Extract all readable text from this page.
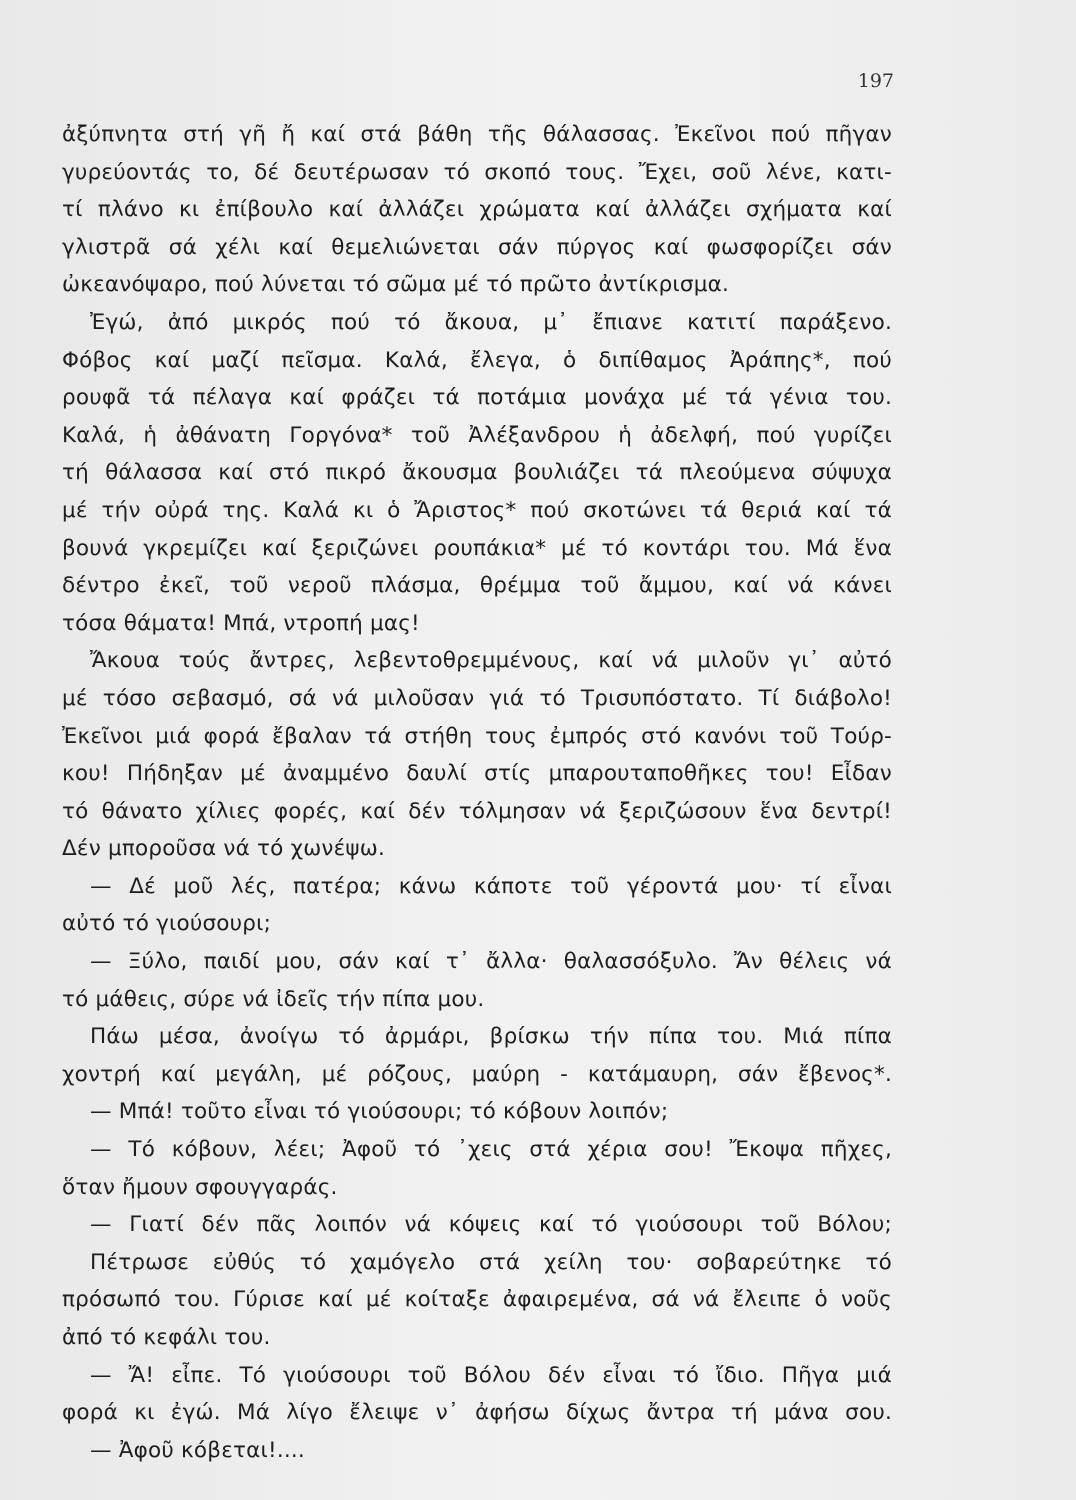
197
ἀξύπνητα στή γῆ ἤ καί στά βάθη τῆς θάλασσας. Ἐκεῖνοι πού πῆγαν
γυρεύοντάς το, δέ δευτέρωσαν τό σκοπό τους. Ἔχει, σοῦ λένε, κατι-
τί πλάνο κι ἐπίβουλο καί ἀλλάζει χρώματα καί ἀλλάζει σχήματα καί
γλιστρᾶ σά χέλι καί θεμελιώνεται σάν πύργος καί φωσφορίζει σάν
ὠκεανόψαρο, πού λύνεται τό σῶμα μέ τό πρῶτο ἀντίκρισμα.
Ἐγώ, ἀπό μικρός πού τό ἄκουα, μ᾽ ἔπιανε κατιτί παράξενο.
Φόβος καί μαζί πεῖσμα. Καλά, ἔλεγα, ὁ διπίθαμος Ἀράπης*, πού
ρουφᾶ τά πέλαγα καί φράζει τά ποτάμια μονάχα μέ τά γένια του.
Καλά, ἡ ἀθάνατη Γοργόνα* τοῦ Ἀλέξανδρου ἡ ἀδελφή, πού γυρίζει
τή θάλασσα καί στό πικρό ἄκουσμα βουλιάζει τά πλεούμενα σύψυχα
μέ τήν οὐρά της. Καλά κι ὁ Ἄριστος* πού σκοτώνει τά θεριά καί τά
βουνά γκρεμίζει καί ξεριζώνει ρουπάκια* μέ τό κοντάρι του. Μά ἕνα
δέντρο ἐκεῖ, τοῦ νεροῦ πλάσμα, θρέμμα τοῦ ἄμμου, καί νά κάνει
τόσα θάματα! Μπά, ντροπή μας!
Ἄκουα τούς ἄντρες, λεβεντοθρεμμένους, καί νά μιλοῦν γι᾽ αὐτό
μέ τόσο σεβασμό, σά νά μιλοῦσαν γιά τό Τρισυπόστατο. Τί διάβολο!
Ἐκεῖνοι μιά φορά ἔβαλαν τά στήθη τους ἐμπρός στό κανόνι τοῦ Τούρ-
κου! Πήδηξαν μέ ἀναμμένο δαυλί στίς μπαρουταποθῆκες του! Εἶδαν
τό θάνατο χίλιες φορές, καί δέν τόλμησαν νά ξεριζώσουν ἕνα δεντρί!
Δέν μποροῦσα νά τό χωνέψω.
— Δέ μοῦ λές, πατέρα; κάνω κάποτε τοῦ γέροντά μου· τί εἶναι
αὐτό τό γιούσουρι;
— Ξύλο, παιδί μου, σάν καί τ᾽ ἄλλα· θαλασσόξυλο. Ἄν θέλεις νά
τό μάθεις, σύρε νά ἰδεῖς τήν πίπα μου.
Πάω μέσα, ἀνοίγω τό ἀρμάρι, βρίσκω τήν πίπα του. Μιά πίπα
χοντρή καί μεγάλη, μέ ρόζους, μαύρη - κατάμαυρη, σάν ἔβενος*.
— Μπά! τοῦτο εἶναι τό γιούσουρι; τό κόβουν λοιπόν;
— Τό κόβουν, λέει; Ἀφοῦ τό ᾽χεις στά χέρια σου! Ἔκοψα πῆχες,
ὅταν ἤμουν σφουγγαράς.
— Γιατί δέν πᾶς λοιπόν νά κόψεις καί τό γιούσουρι τοῦ Βόλου;
Πέτρωσε εὐθύς τό χαμόγελο στά χείλη του· σοβαρεύτηκε τό
πρόσωπό του. Γύρισε καί μέ κοίταξε ἀφαιρεμένα, σά νά ἔλειπε ὁ νοῦς
ἀπό τό κεφάλι του.
— Ἄ! εἶπε. Τό γιούσουρι τοῦ Βόλου δέν εἶναι τό ἴδιο. Πῆγα μιά
φορά κι ἐγώ. Μά λίγο ἔλειψε ν᾽ ἀφήσω δίχως ἄντρα τή μάνα σου.
— Ἀφοῦ κόβεται!....
